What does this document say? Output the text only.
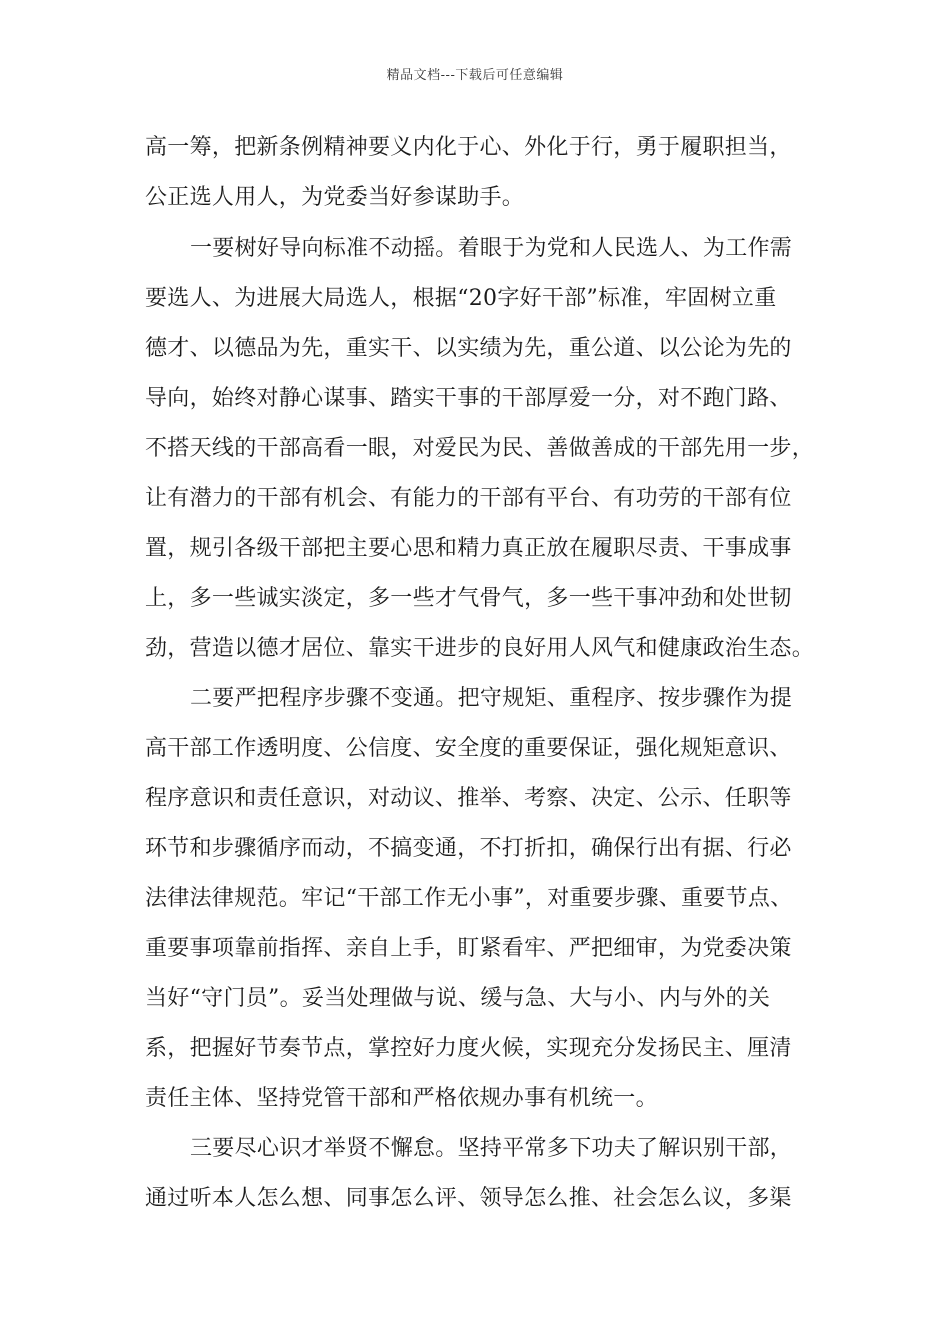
精品文档---下载后可任意编辑
高一筹，把新条例精神要义内化于心、外化于行，勇于履职担当，
公正选人用人，为党委当好参谋助手。
一要树好导向标准不动摇。着眼于为党和人民选人、为工作需
要选人、为进展大局选人，根据“20字好干部”标准，牢固树立重
德才、以德品为先，重实干、以实绩为先，重公道、以公论为先的
导向，始终对静心谋事、踏实干事的干部厚爱一分，对不跑门路、
不搭天线的干部高看一眼，对爱民为民、善做善成的干部先用一步，
让有潜力的干部有机会、有能力的干部有平台、有功劳的干部有位
置，规引各级干部把主要心思和精力真正放在履职尽责、干事成事
上，多一些诚实淡定，多一些才气骨气，多一些干事冲劲和处世韧
劲，营造以德才居位、靠实干进步的良好用人风气和健康政治生态。
二要严把程序步骤不变通。把守规矩、重程序、按步骤作为提
高干部工作透明度、公信度、安全度的重要保证，强化规矩意识、
程序意识和责任意识，对动议、推举、考察、决定、公示、任职等
环节和步骤循序而动，不搞变通，不打折扣，确保行出有据、行必
法律法律规范。牢记“干部工作无小事”，对重要步骤、重要节点、
重要事项靠前指挥、亲自上手，盯紧看牢、严把细审，为党委决策
当好“守门员”。妥当处理做与说、缓与急、大与小、内与外的关
系，把握好节奏节点，掌控好力度火候，实现充分发扬民主、厘清
责任主体、坚持党管干部和严格依规办事有机统一。
三要尽心识才举贤不懈怠。坚持平常多下功夫了解识别干部，
通过听本人怎么想、同事怎么评、领导怎么推、社会怎么议，多渠
